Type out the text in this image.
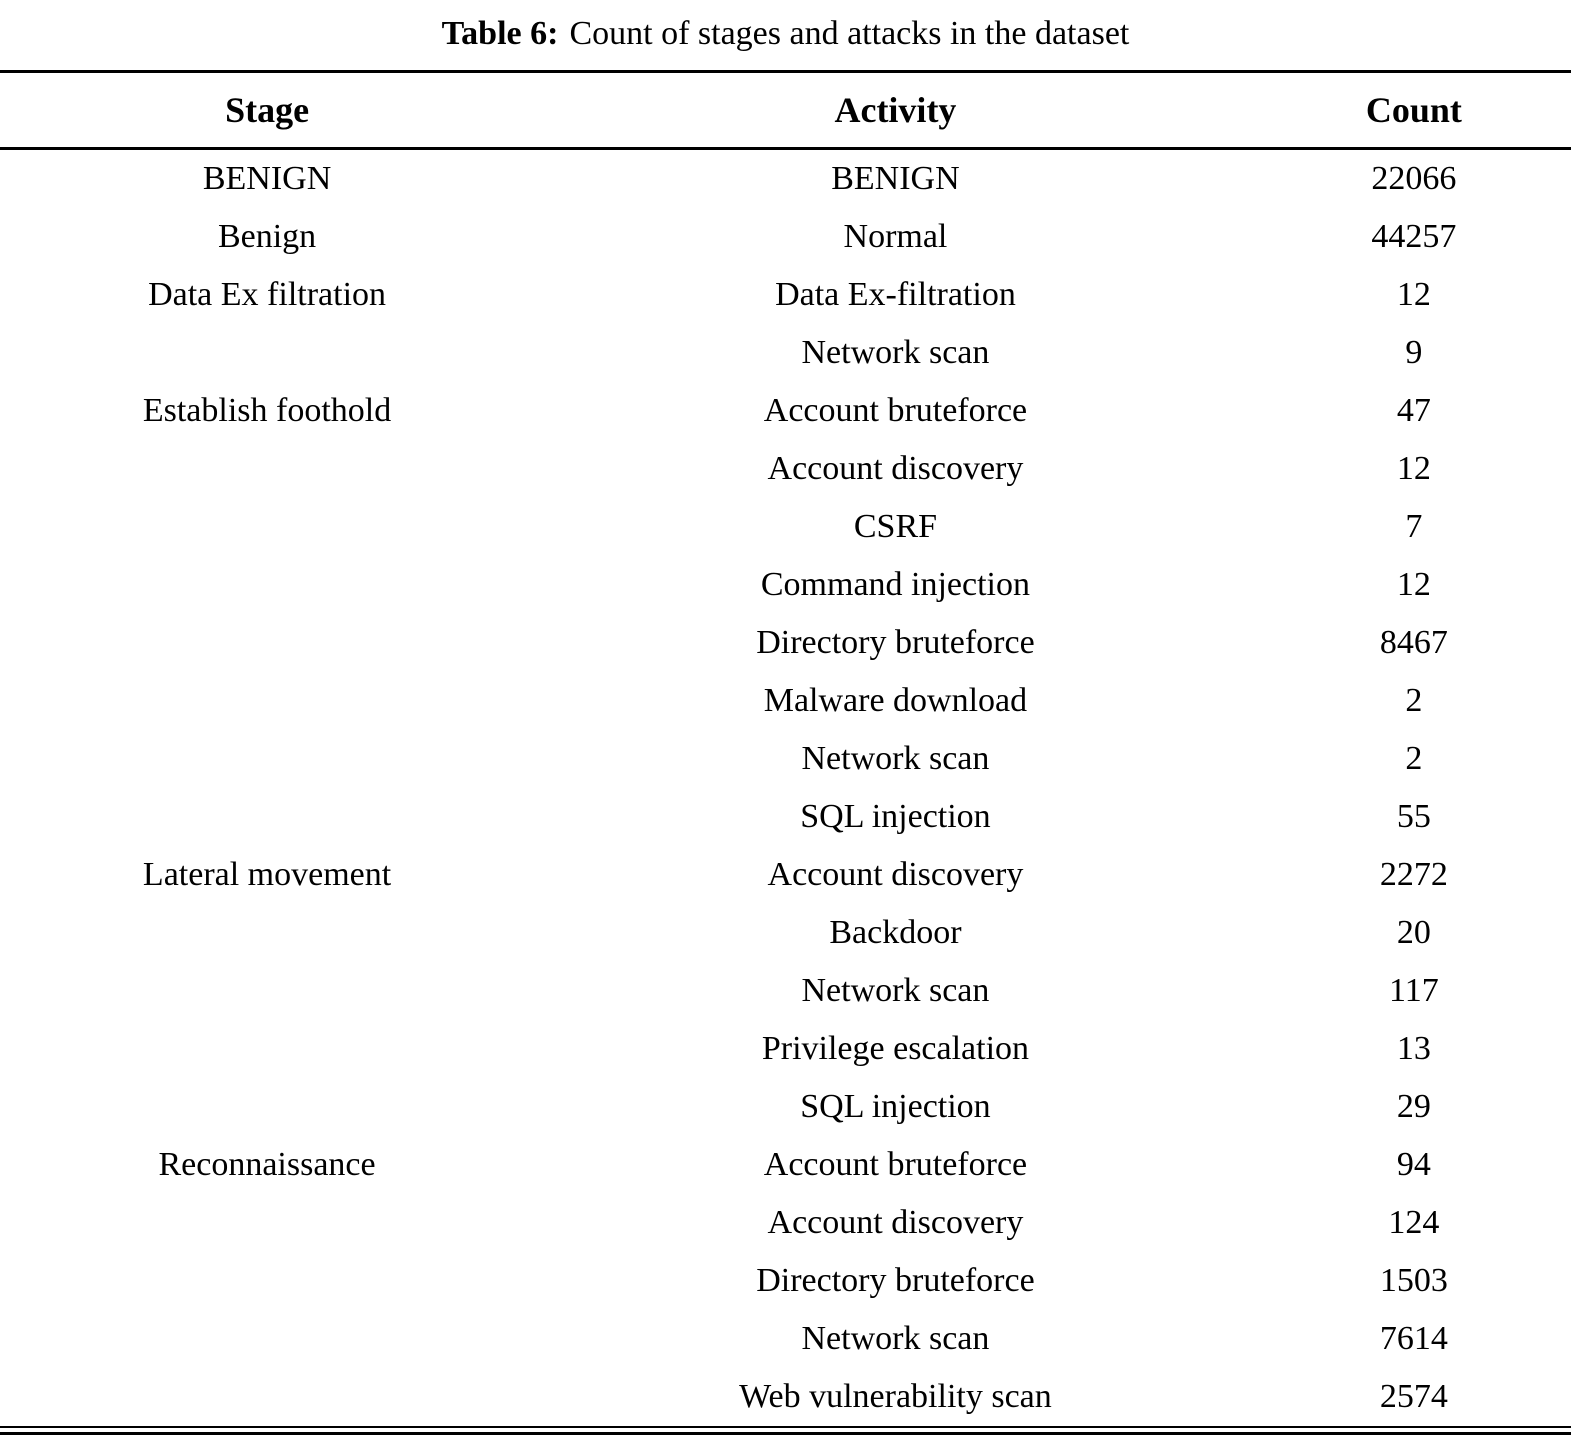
Table 6: Count of stages and attacks in the dataset
Stage	Activity	Count
BENIGN	BENIGN	22066
Benign	Normal	44257
Data Ex filtration	Data Ex-filtration	12
	Network scan	9
Establish foothold	Account bruteforce	47
	Account discovery	12
	CSRF	7
	Command injection	12
	Directory bruteforce	8467
	Malware download	2
	Network scan	2
	SQL injection	55
Lateral movement	Account discovery	2272
	Backdoor	20
	Network scan	117
	Privilege escalation	13
	SQL injection	29
Reconnaissance	Account bruteforce	94
	Account discovery	124
	Directory bruteforce	1503
	Network scan	7614
	Web vulnerability scan	2574
